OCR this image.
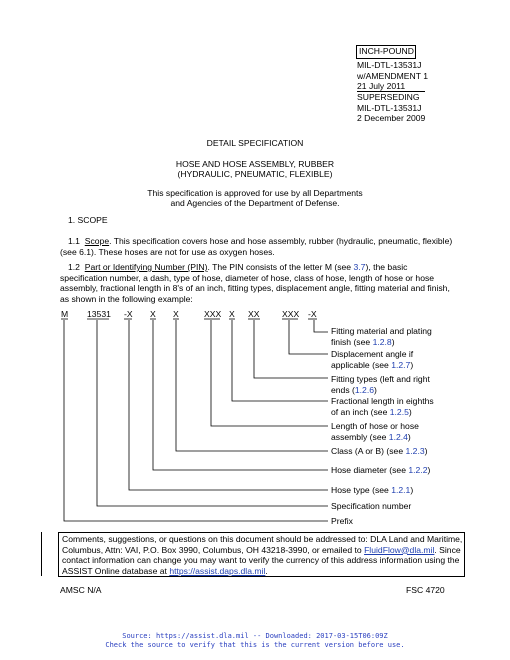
INCH-POUND
MIL-DTL-13531J
w/AMENDMENT 1
21 July 2011
SUPERSEDING
MIL-DTL-13531J
2 December 2009
DETAIL SPECIFICATION
HOSE AND HOSE ASSEMBLY, RUBBER
(HYDRAULIC, PNEUMATIC, FLEXIBLE)
This specification is approved for use by all Departments
and Agencies of the Department of Defense.
1. SCOPE
1.1 Scope. This specification covers hose and hose assembly, rubber (hydraulic, pneumatic, flexible)
(see 6.1). These hoses are not for use as oxygen hoses.
1.2 Part or Identifying Number (PIN). The PIN consists of the letter M (see 3.7), the basic
specification number, a dash, type of hose, diameter of hose, class of hose, length of hose or hose
assembly, fractional length in 8's of an inch, fitting types, displacement angle, fitting material and finish,
as shown in the following example:
M 13531 -X X X	XXX X XX	XXX -X
Fitting material and plating
finish (see 1.2.8)
Displacement angle if
applicable (see 1.2.7)
Fitting types (left and right
ends (1.2.6)
Fractional length in eighths
of an inch (see 1.2.5)
Length of hose or hose
assembly (see 1.2.4)
Class (A or B) (see 1.2.3)
Hose diameter (see 1.2.2)
Hose type (see 1.2.1)
Specification number
Prefix
Comments, suggestions, or questions on this document should be addressed to: DLA Land and Maritime,
Columbus, Attn: VAI, P.O. Box 3990, Columbus, OH 43218-3990, or emailed to FluidFlow@dla.mil. Since
contact information can change you may want to verify the currency of this address information using the
ASSIST Online database at https://assist.daps.dla.mil.
AMSC N/A	FSC 4720
Source: https://assist.dla.mil -- Downloaded: 2017-03-15T06:09Z
Check the source to verify that this is the current version before use.
